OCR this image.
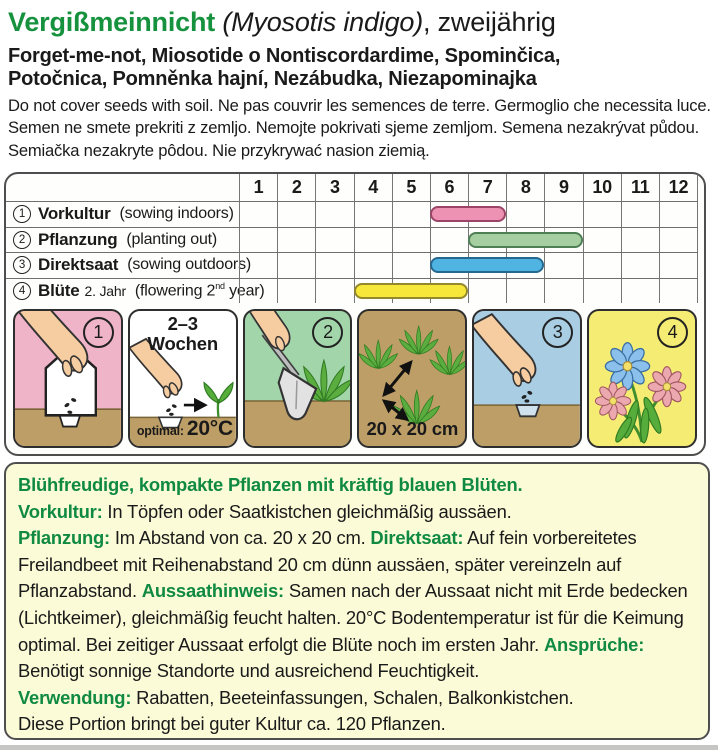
Vergißmeinnicht (Myosotis indigo), zweijährig
Forget-me-not, Miosotide o Nontiscordardime, Spominčica,
Potočnica, Pomněnka hajní, Nezábudka, Niezapominajka
Do not cover seeds with soil. Ne pas couvrir les semences de terre. Germoglio che necessita luce.
Semen ne smete prekriti z zemljo. Nemojte pokrivati sjeme zemljom. Semena nezakrývat půdou.
Semiačka nezakryte pôdou. Nie przykrywać nasion ziemią.
1	2	3	4	5	6	7	8	9	10	11	12
1 Vorkultur (sowing indoors)
2 Pflanzung (planting out)
3 Direktsaat (sowing outdoors)
4 Blüte 2. Jahr (flowering 2nd year)
1	2–3
Wochen
optimal: 20°C
2
20 x 20 cm
3	4

Blühfreudige, kompakte Pflanzen mit kräftig blauen Blüten.

Vorkultur: In Töpfen oder Saatkistchen gleichmäßig aussäen.

Pflanzung: Im Abstand von ca. 20 x 20 cm. Direktsaat: Auf fein vorbereitetes Freilandbeet mit Reihenabstand 20 cm dünn aussäen, später vereinzeln auf Pflanzabstand. Aussaathinweis: Samen nach der Aussaat nicht mit Erde bedecken (Lichtkeimer), gleichmäßig feucht halten. 20°C Bodentemperatur ist für die Keimung optimal. Bei zeitiger Aussaat erfolgt die Blüte noch im ersten Jahr. Ansprüche: Benötigt sonnige Standorte und ausreichend Feuchtigkeit.

Verwendung: Rabatten, Beeteinfassungen, Schalen, Balkonkistchen.

Diese Portion bringt bei guter Kultur ca. 120 Pflanzen.
